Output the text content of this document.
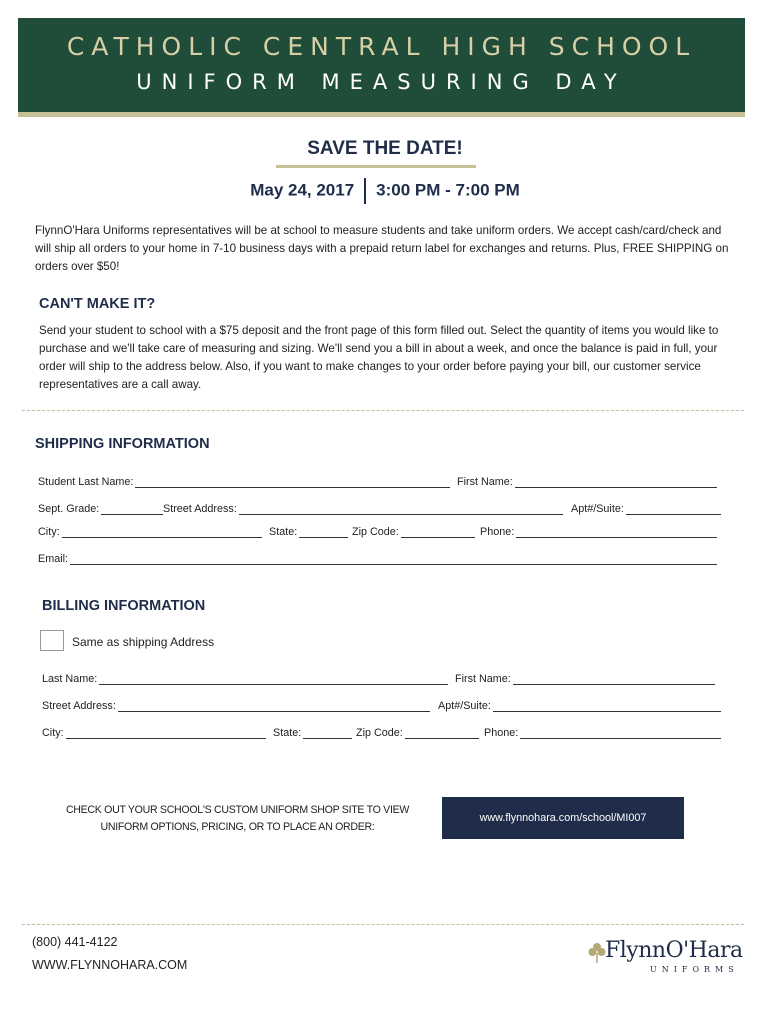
CATHOLIC CENTRAL HIGH SCHOOL
UNIFORM MEASURING DAY
SAVE THE DATE!
May 24, 2017 3:00 PM - 7:00 PM
FlynnO'Hara Uniforms representatives will be at school to measure students and take uniform orders. We accept cash/card/check and will ship all orders to your home in 7-10 business days with a prepaid return label for exchanges and returns. Plus, FREE SHIPPING on orders over $50!
CAN'T MAKE IT?
Send your student to school with a $75 deposit and the front page of this form filled out. Select the quantity of items you would like to purchase and we'll take care of measuring and sizing. We'll send you a bill in about a week, and once the balance is paid in full, your order will ship to the address below. Also, if you want to make changes to your order before paying your bill, our customer service representatives are a call away.
SHIPPING INFORMATION
Student Last Name:	First Name:
Sept. Grade:	Street Address:	Apt#/Suite:
City:	State:	Zip Code:	Phone:
Email:
BILLING INFORMATION
Same as shipping Address
Last Name:	First Name:
Street Address:	Apt#/Suite:
City:	State:	Zip Code:	Phone:
CHECK OUT YOUR SCHOOL'S CUSTOM UNIFORM SHOP SITE TO VIEW UNIFORM OPTIONS, PRICING, OR TO PLACE AN ORDER:
www.flynnohara.com/school/MI007
(800) 441-4122
WWW.FLYNNOHARA.COM
FlynnO'Hara
UNIFORMS
